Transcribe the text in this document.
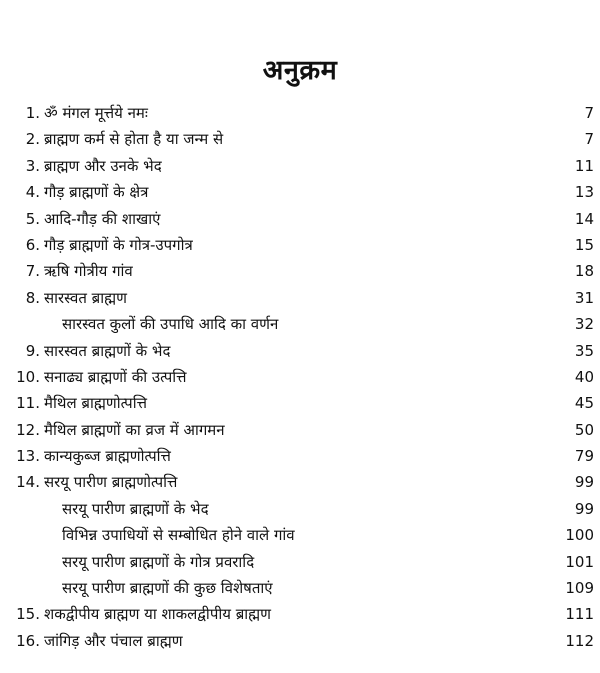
अनुक्रम
1. ॐ मंगल मूर्त्तये नमः	7
2. ब्राह्मण कर्म से होता है या जन्म से	7
3. ब्राह्मण और उनके भेद	11
4. गौड़ ब्राह्मणों के क्षेत्र	13
5. आदि-गौड़ की शाखाएं	14
6. गौड़ ब्राह्मणों के गोत्र-उपगोत्र	15
7. ऋषि गोत्रीय गांव	18
8. सारस्वत ब्राह्मण	31
सारस्वत कुलों की उपाधि आदि का वर्णन	32
9. सारस्वत ब्राह्मणों के भेद	35
10. सनाढ्य ब्राह्मणों की उत्पत्ति	40
11. मैथिल ब्राह्मणोत्पत्ति	45
12. मैथिल ब्राह्मणों का व्रज में आगमन	50
13. कान्यकुब्ज ब्राह्मणोत्पत्ति	79
14. सरयू पारीण ब्राह्मणोत्पत्ति	99
सरयू पारीण ब्राह्मणों के भेद	99
विभिन्न उपाधियों से सम्बोधित होने वाले गांव	100
सरयू पारीण ब्राह्मणों के गोत्र प्रवरादि	101
सरयू पारीण ब्राह्मणों की कुछ विशेषताएं	109
15. शकद्वीपीय ब्राह्मण या शाकलद्वीपीय ब्राह्मण	111
16. जांगिड़ और पंचाल ब्राह्मण	112
